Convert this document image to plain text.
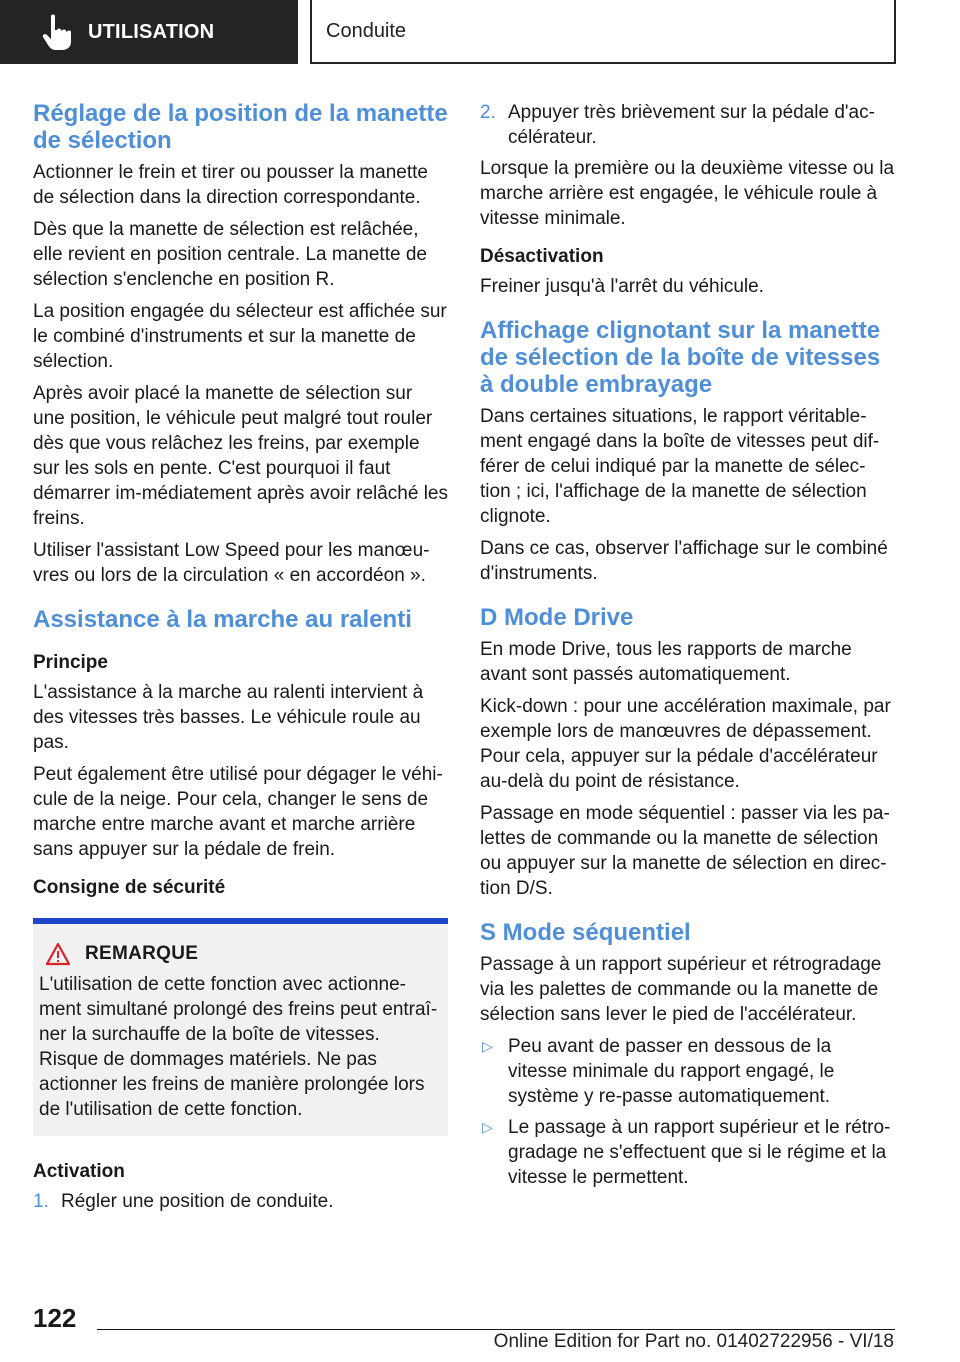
UTILISATION	Conduite
Réglage de la position de la manette de sélection

Actionner le frein et tirer ou pousser la manette de sélection dans la direction correspondante.

Dès que la manette de sélection est relâchée, elle revient en position centrale. La manette de sélection s'enclenche en position R.

La position engagée du sélecteur est affichée sur le combiné d'instruments et sur la manette de sélection.

Après avoir placé la manette de sélection sur une position, le véhicule peut malgré tout rouler dès que vous relâchez les freins, par exemple sur les sols en pente. C'est pourquoi il faut démarrer im-médiatement après avoir relâché les freins.

Utiliser l'assistant Low Speed pour les manœu-vres ou lors de la circulation « en accordéon ».

Assistance à la marche au ralenti
Principe

L'assistance à la marche au ralenti intervient à des vitesses très basses. Le véhicule roule au pas.

Peut également être utilisé pour dégager le véhi-cule de la neige. Pour cela, changer le sens de marche entre marche avant et marche arrière sans appuyer sur la pédale de frein.

Consigne de sécurité
REMARQUE

L'utilisation de cette fonction avec actionne-ment simultané prolongé des freins peut entraî-ner la surchauffe de la boîte de vitesses. Risque de dommages matériels. Ne pas actionner les freins de manière prolongée lors de l'utilisation de cette fonction.

Activation
1. Régler une position de conduite.
2. Appuyer très brièvement sur la pédale d'ac-célérateur.

Lorsque la première ou la deuxième vitesse ou la marche arrière est engagée, le véhicule roule à vitesse minimale.

Désactivation

Freiner jusqu'à l'arrêt du véhicule.

Affichage clignotant sur la manette de sélection de la boîte de vitesses à double embrayage

Dans certaines situations, le rapport véritable-ment engagé dans la boîte de vitesses peut dif-férer de celui indiqué par la manette de sélec-tion ; ici, l'affichage de la manette de sélection clignote.

Dans ce cas, observer l'affichage sur le combiné d'instruments.

D Mode Drive

En mode Drive, tous les rapports de marche avant sont passés automatiquement.

Kick-down : pour une accélération maximale, par exemple lors de manœuvres de dépassement. Pour cela, appuyer sur la pédale d'accélérateur au-delà du point de résistance.

Passage en mode séquentiel : passer via les pa-lettes de commande ou la manette de sélection ou appuyer sur la manette de sélection en direc-tion D/S.

S Mode séquentiel

Passage à un rapport supérieur et rétrogradage via les palettes de commande ou la manette de sélection sans lever le pied de l'accélérateur.

▷ Peu avant de passer en dessous de la vitesse minimale du rapport engagé, le système y re-passe automatiquement.
▷ Le passage à un rapport supérieur et le rétro-gradage ne s'effectuent que si le régime et la vitesse le permettent.
122
Online Edition for Part no. 01402722956 - VI/18
